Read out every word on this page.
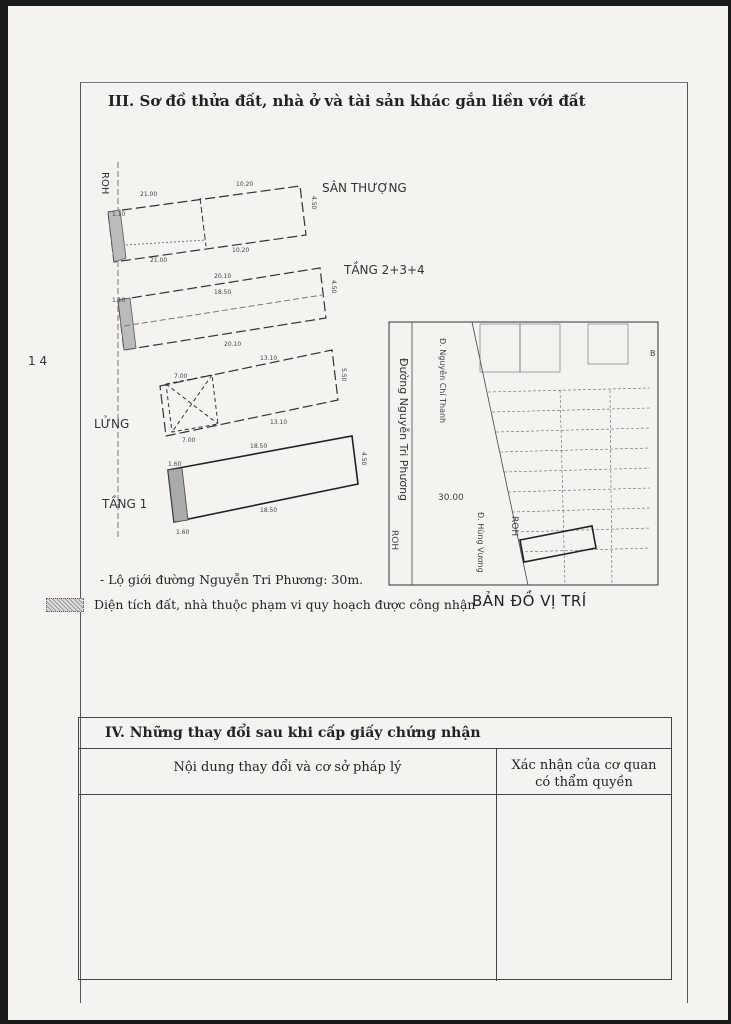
III. Sơ đồ thửa đất, nhà ở và tài sản khác gắn liền với đất
1 4
ROH
21.00
10.20
21.00
10.20
4.50
1.10
SÂN THƯỢNG
20.10
18.50
20.10
4.50
1.10
TẦNG 2+3+4
7.00
13.10
7.00
13.10
5.50
LỬNG
18.50
18.50
4.50
1.60
1.60
TẦNG 1
Đ. Nguyễn Chí Thanh
Đường Nguyễn Tri Phương	30.00
Đ. Hùng Vương	ROH
ROH
B
BẢN ĐỒ VỊ TRÍ
- Lộ giới đường Nguyễn Tri Phương: 30m.
Diện tích đất, nhà thuộc phạm vi quy hoạch được công nhận
IV. Những thay đổi sau khi cấp giấy chứng nhận
Nội dung thay đổi và cơ sở pháp lý	Xác nhận của cơ quan
có thẩm quyền
